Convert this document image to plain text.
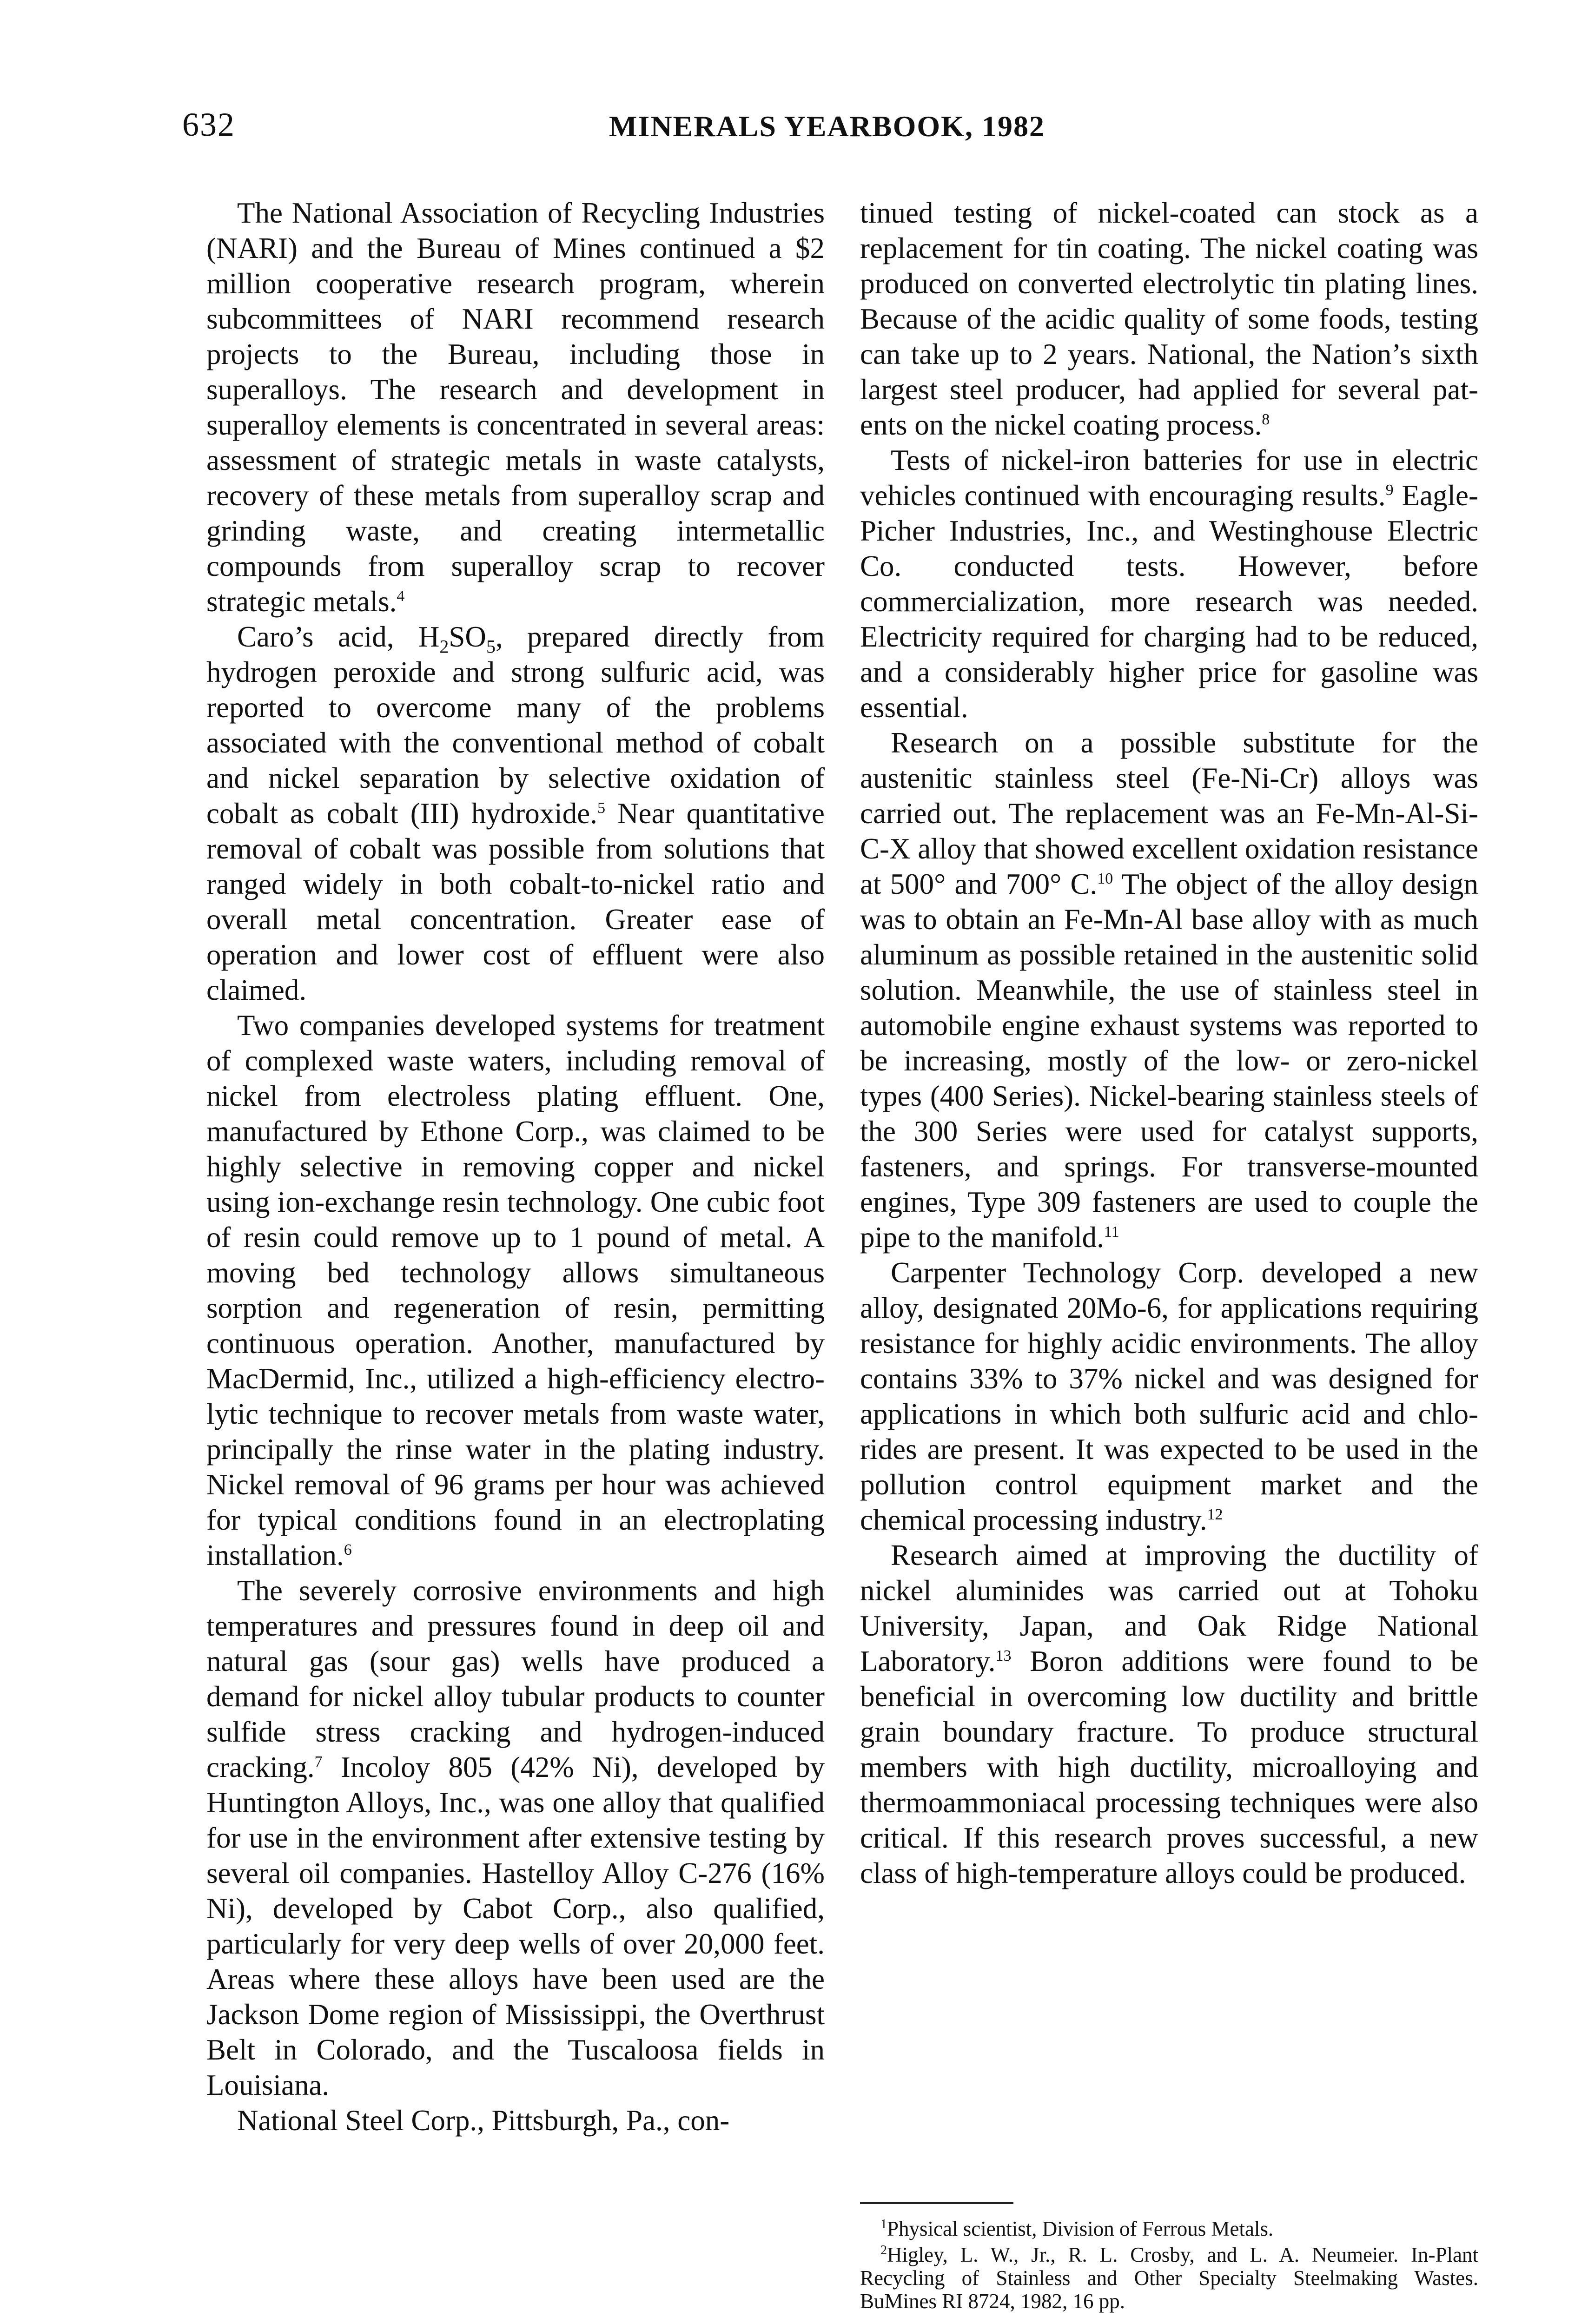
632	MINERALS YEARBOOK, 1982

The National Association of Recycling Industries (NARI) and the Bureau of Mines continued a $2 million cooperative research program, wherein subcommittees of NARI recommend research projects to the Bureau, including those in superalloys. The research and development in superalloy elements is concentrated in several areas: assessment of strategic metals in waste catalysts, recovery of these metals from superalloy scrap and grinding waste, and creating intermetallic compounds from superalloy scrap to recover strategic metals.$^4$

Caro’s acid, $H_2SO_5$, prepared directly from hydrogen peroxide and strong sulfuric acid, was reported to overcome many of the problems associated with the conventional method of cobalt and nickel separation by selective oxidation of cobalt as cobalt (III) hydroxide.$^5$ Near quantitative removal of cobalt was possible from solutions that ranged widely in both cobalt-to-nickel ratio and overall metal concentration. Greater ease of operation and lower cost of effluent were also claimed.

Two companies developed systems for treatment of complexed waste waters, including removal of nickel from electroless plating effluent. One, manufactured by Ethone Corp., was claimed to be highly selective in removing copper and nickel using ion-exchange resin technology. One cubic foot of resin could remove up to 1 pound of metal. A moving bed technology allows simultaneous sorption and regeneration of resin, permitting continuous operation. Another, manufactured by MacDermid, Inc., utilized a high-efficiency electrolytic technique to recover metals from waste water, principally the rinse water in the plating industry. Nickel removal of 96 grams per hour was achieved for typical conditions found in an electroplating installation.$^6$

The severely corrosive environments and high temperatures and pressures found in deep oil and natural gas (sour gas) wells have produced a demand for nickel alloy tubular products to counter sulfide stress cracking and hydrogen-induced cracking.$^7$ Incoloy 805 (42% Ni), developed by Huntington Alloys, Inc., was one alloy that qualified for use in the environment after extensive testing by several oil companies. Hastelloy Alloy C-276 (16% Ni), developed by Cabot Corp., also qualified, particularly for very deep wells of over 20,000 feet. Areas where these alloys have been used are the Jackson Dome region of Mississippi, the Overthrust Belt in Colorado, and the Tuscaloosa fields in Louisiana.

National Steel Corp., Pittsburgh, Pa., con-

tinued testing of nickel-coated can stock as a replacement for tin coating. The nickel coating was produced on converted electrolytic tin plating lines. Because of the acidic quality of some foods, testing can take up to 2 years. National, the Nation’s sixth largest steel producer, had applied for several patents on the nickel coating process.$^8$

Tests of nickel-iron batteries for use in electric vehicles continued with encouraging results.$^9$ Eagle-Picher Industries, Inc., and Westinghouse Electric Co. conducted tests. However, before commercialization, more research was needed. Electricity required for charging had to be reduced, and a considerably higher price for gasoline was essential.

Research on a possible substitute for the austenitic stainless steel (Fe-Ni-Cr) alloys was carried out. The replacement was an Fe-Mn-Al-Si-C-X alloy that showed excellent oxidation resistance at 500° and 700° C.$^{10}$ The object of the alloy design was to obtain an Fe-Mn-Al base alloy with as much aluminum as possible retained in the austenitic solid solution. Meanwhile, the use of stainless steel in automobile engine exhaust systems was reported to be increasing, mostly of the low- or zero-nickel types (400 Series). Nickel-bearing stainless steels of the 300 Series were used for catalyst supports, fasteners, and springs. For transverse-mounted engines, Type 309 fasteners are used to couple the pipe to the manifold.$^{11}$

Carpenter Technology Corp. developed a new alloy, designated 20Mo-6, for applications requiring resistance for highly acidic environments. The alloy contains 33% to 37% nickel and was designed for applications in which both sulfuric acid and chlorides are present. It was expected to be used in the pollution control equipment market and the chemical processing industry.$^{12}$

Research aimed at improving the ductility of nickel aluminides was carried out at Tohoku University, Japan, and Oak Ridge National Laboratory.$^{13}$ Boron additions were found to be beneficial in overcoming low ductility and brittle grain boundary fracture. To produce structural members with high ductility, microalloying and thermoammoniacal processing techniques were also critical. If this research proves successful, a new class of high-temperature alloys could be produced.

$^1$Physical scientist, Division of Ferrous Metals.

$^2$Higley, L. W., Jr., R. L. Crosby, and L. A. Neumeier. In-Plant Recycling of Stainless and Other Specialty Steelmaking Wastes. BuMines RI 8724, 1982, 16 pp.
